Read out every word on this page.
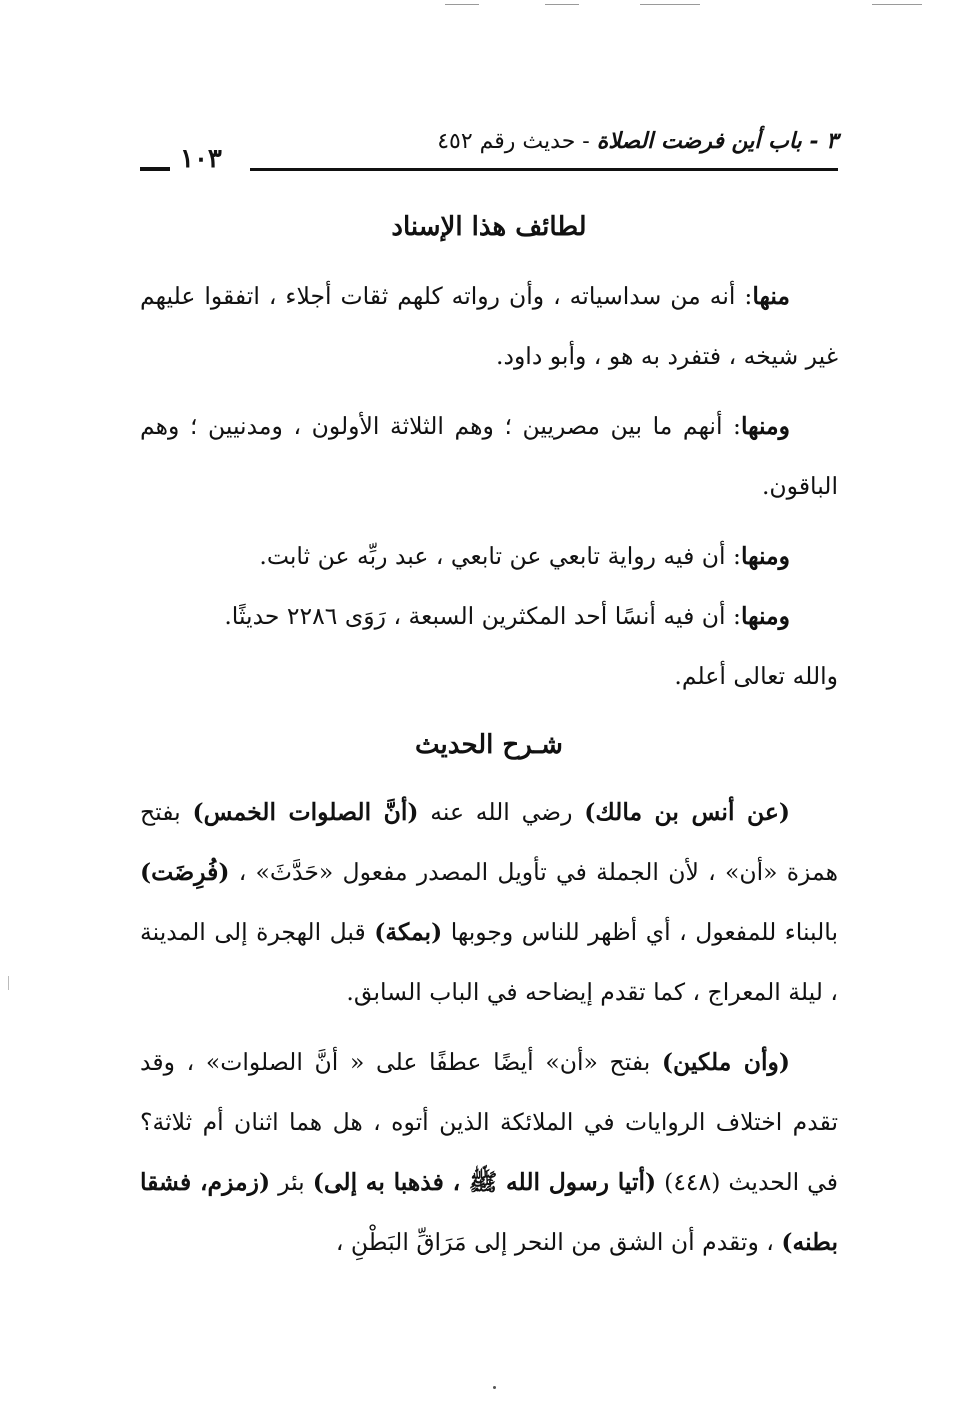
٣ - باب أين فرضت الصلاة - حديث رقم ٤٥٢
١٠٣
لطائف هذا الإسناد

منها: أنه من سداسياته ، وأن رواته كلهم ثقات أجلاء ، اتفقوا عليهم غير شيخه ، فتفرد به هو ، وأبو داود.

ومنها: أنهم ما بين مصريين ؛ وهم الثلاثة الأولون ، ومدنيين ؛ وهم الباقون.

ومنها: أن فيه رواية تابعي عن تابعي ، عبد ربِّه عن ثابت.

ومنها: أن فيه أنسًا أحد المكثرين السبعة ، رَوَى ٢٢٨٦ حديثًا.

والله تعالى أعلم.

شـرح الحديث

(عن أنس بن مالك) رضي الله عنه (أنَّ الصلوات الخمس) بفتح همزة «أن» ، لأن الجملة في تأويل المصدر مفعول «حَدَّثَ» ، (فُرِضَت) بالبناء للمفعول ، أي أظهر للناس وجوبها (بمكة) قبل الهجرة إلى المدينة ، ليلة المعراج ، كما تقدم إيضاحه في الباب السابق.

(وأن ملكين) بفتح «أن» أيضًا عطفًا على « أنَّ الصلوات» ، وقد تقدم اختلاف الروايات في الملائكة الذين أتوه ، هل هما اثنان أم ثلاثة؟ في الحديث (٤٤٨) (أتيا رسول الله ﷺ ، فذهبا به إلى) بئر (زمزم، فشقا بطنه) ، وتقدم أن الشق من النحر إلى مَرَاقِّ البَطْنِ ،
